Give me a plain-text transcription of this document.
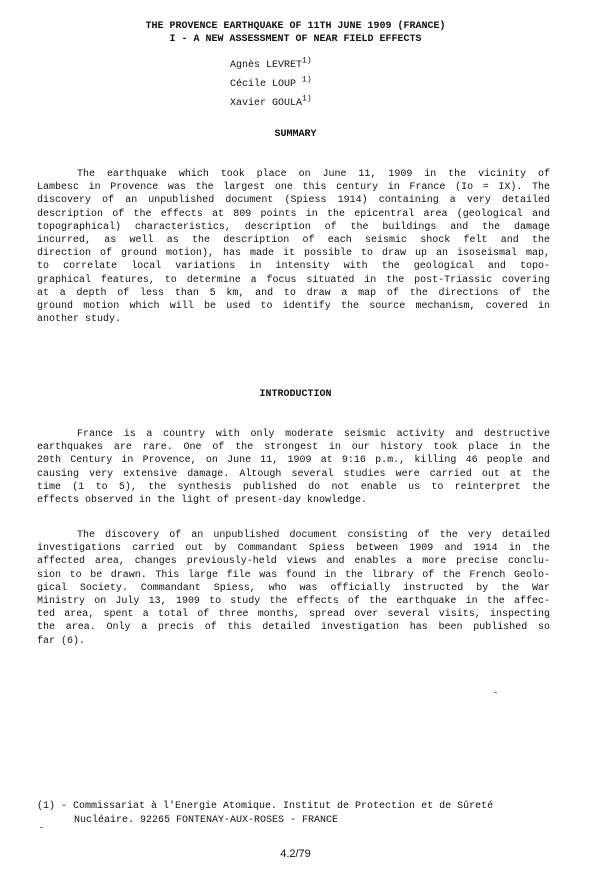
THE PROVENCE EARTHQUAKE OF 11TH JUNE 1909 (FRANCE)
I - A NEW ASSESSMENT OF NEAR FIELD EFFECTS
Agnès LEVRET$^{1)}$
Cécile LOUP $^{1)}$
Xavier GOULA$^{1)}$
SUMMARY
The earthquake which took place on June 11, 1909 in the vicinity of
Lambesc in Provence was the largest one this century in France (Io = IX). The
discovery of an unpublished document (Spiess 1914) containing a very detailed
description of the effects at 809 points in the epicentral area (geological and
topographical) characteristics, description of the buildings and the damage
incurred, as well as the description of each seismic shock felt and the
direction of ground motion), has made it possible to draw up an isoseismal map,
to correlate local variations in intensity with the geological and topo-
graphical features, to determine a focus situated in the post-Triassic covering
at a depth of less than 5 km, and to draw a map of the directions of the
ground motion which will be used to identify the source mechanism, covered in
another study.
INTRODUCTION
France is a country with only moderate seismic activity and destructive
earthquakes are rare. One of the strongest in our history took place in the
20th Century in Provence, on June 11, 1909 at 9:16 p.m., killing 46 people and
causing very extensive damage. Altough several studies were carried out at the
time (1 to 5), the synthesis published do not enable us to reinterpret the
effects observed in the light of present-day knowledge.
The discovery of an unpublished document consisting of the very detailed
investigations carried out by Commandant Spiess between 1909 and 1914 in the
affected area, changes previously-held views and enables a more precise conclu-
sion to be drawn. This large file was found in the library of the French Geolo-
gical Society. Commandant Spiess, who was officially instructed by the War
Ministry on July 13, 1909 to study the effects of the earthquake in the affec-
ted area, spent a total of three months, spread over several visits, inspecting
the area. Only a precis of this detailed investigation has been published so
far (6).
(1) - Commissariat à l'Energie Atomique. Institut de Protection et de Sûreté
Nucléaire. 92265 FONTENAY-AUX-ROSES - FRANCE
4.2/79
